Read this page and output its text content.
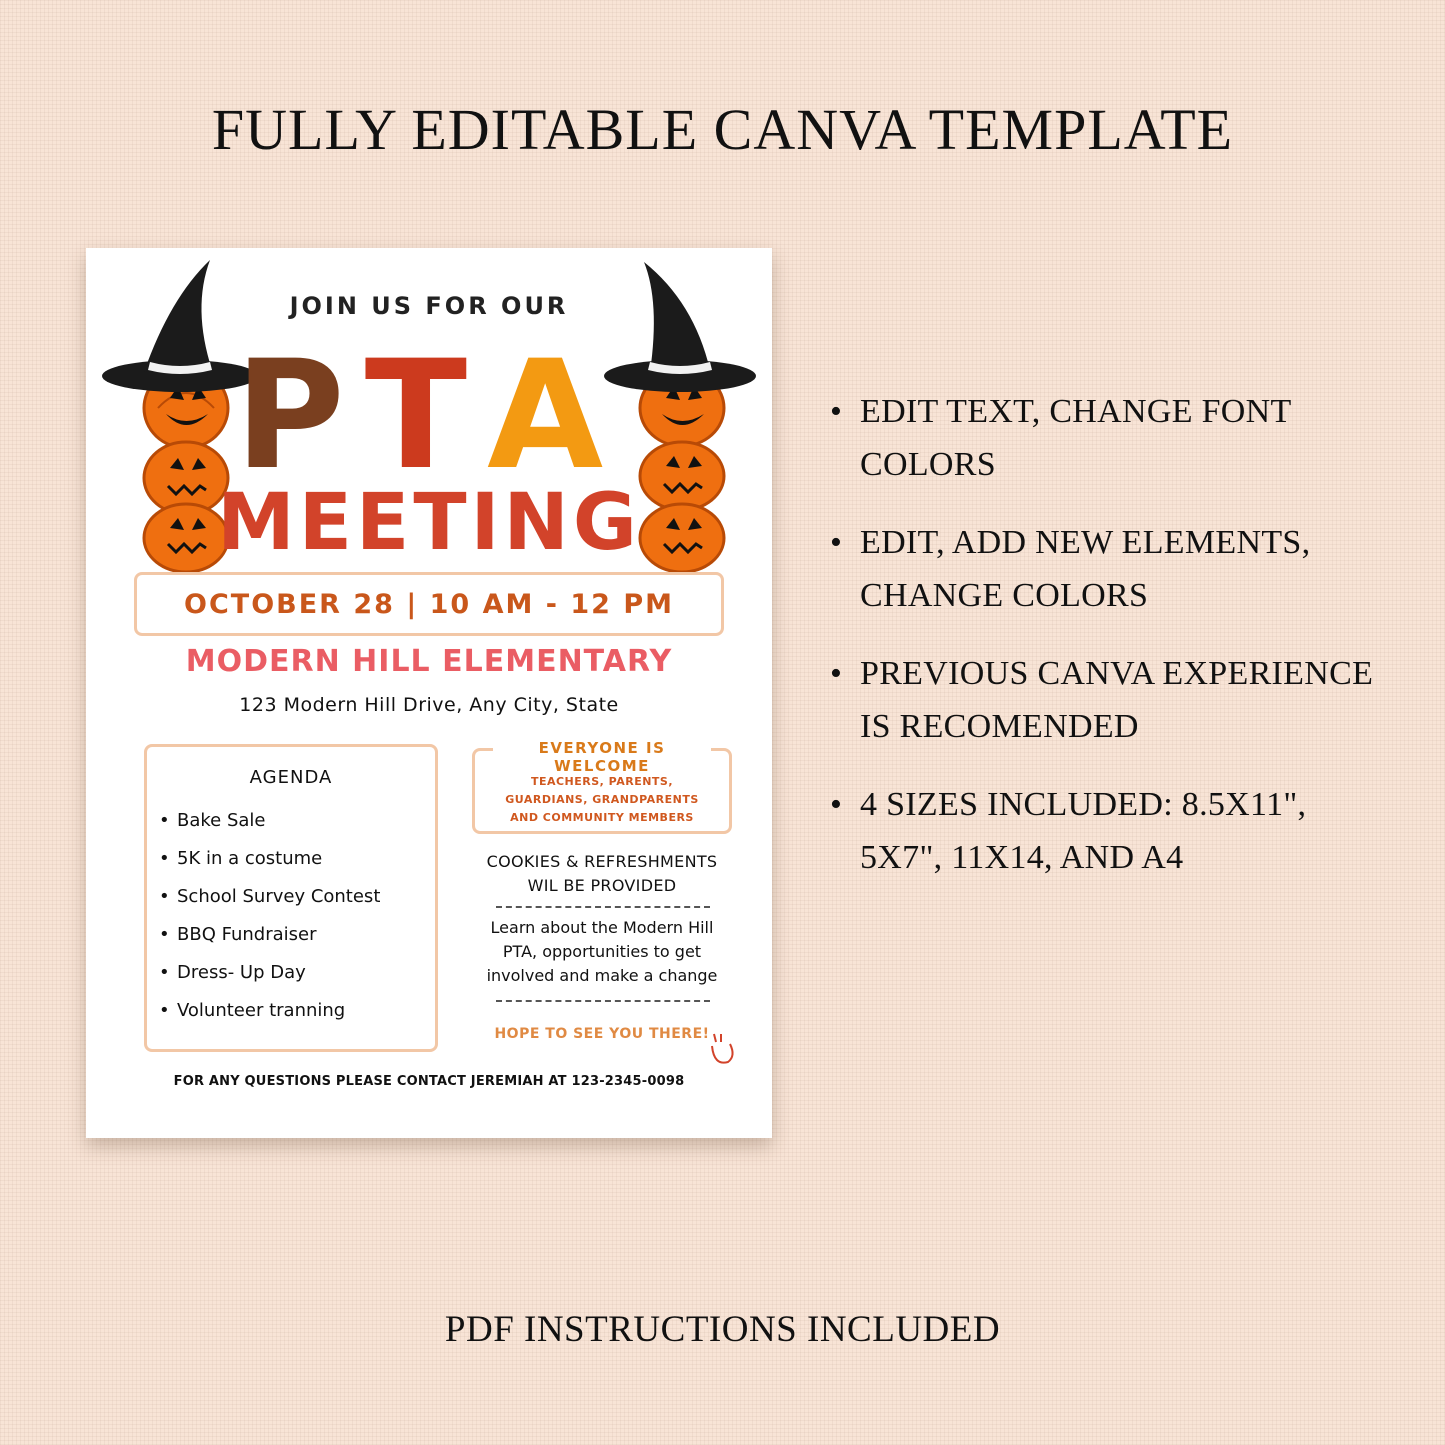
FULLY EDITABLE CANVA TEMPLATE
JOIN US FOR OUR
PTA
MEETING
OCTOBER 28 | 10 AM - 12 PM
MODERN HILL ELEMENTARY
123 Modern Hill Drive, Any City, State
AGENDA
• Bake Sale
• 5K in a costume
• School Survey Contest
• BBQ Fundraiser
• Dress- Up Day
• Volunteer tranning
EVERYONE IS WELCOME
TEACHERS, PARENTS, GUARDIANS, GRANDPARENTS AND COMMUNITY MEMBERS
COOKIES & REFRESHMENTS WIL BE PROVIDED
Learn about the Modern Hill PTA, opportunities to get involved and make a change
HOPE TO SEE YOU THERE!
FOR ANY QUESTIONS PLEASE CONTACT JEREMIAH AT 123-2345-0098
• EDIT TEXT, CHANGE FONT COLORS
• EDIT, ADD NEW ELEMENTS, CHANGE COLORS
• PREVIOUS CANVA EXPERIENCE IS RECOMENDED
• 4 SIZES INCLUDED: 8.5X11", 5X7", 11X14, AND A4
PDF INSTRUCTIONS INCLUDED
